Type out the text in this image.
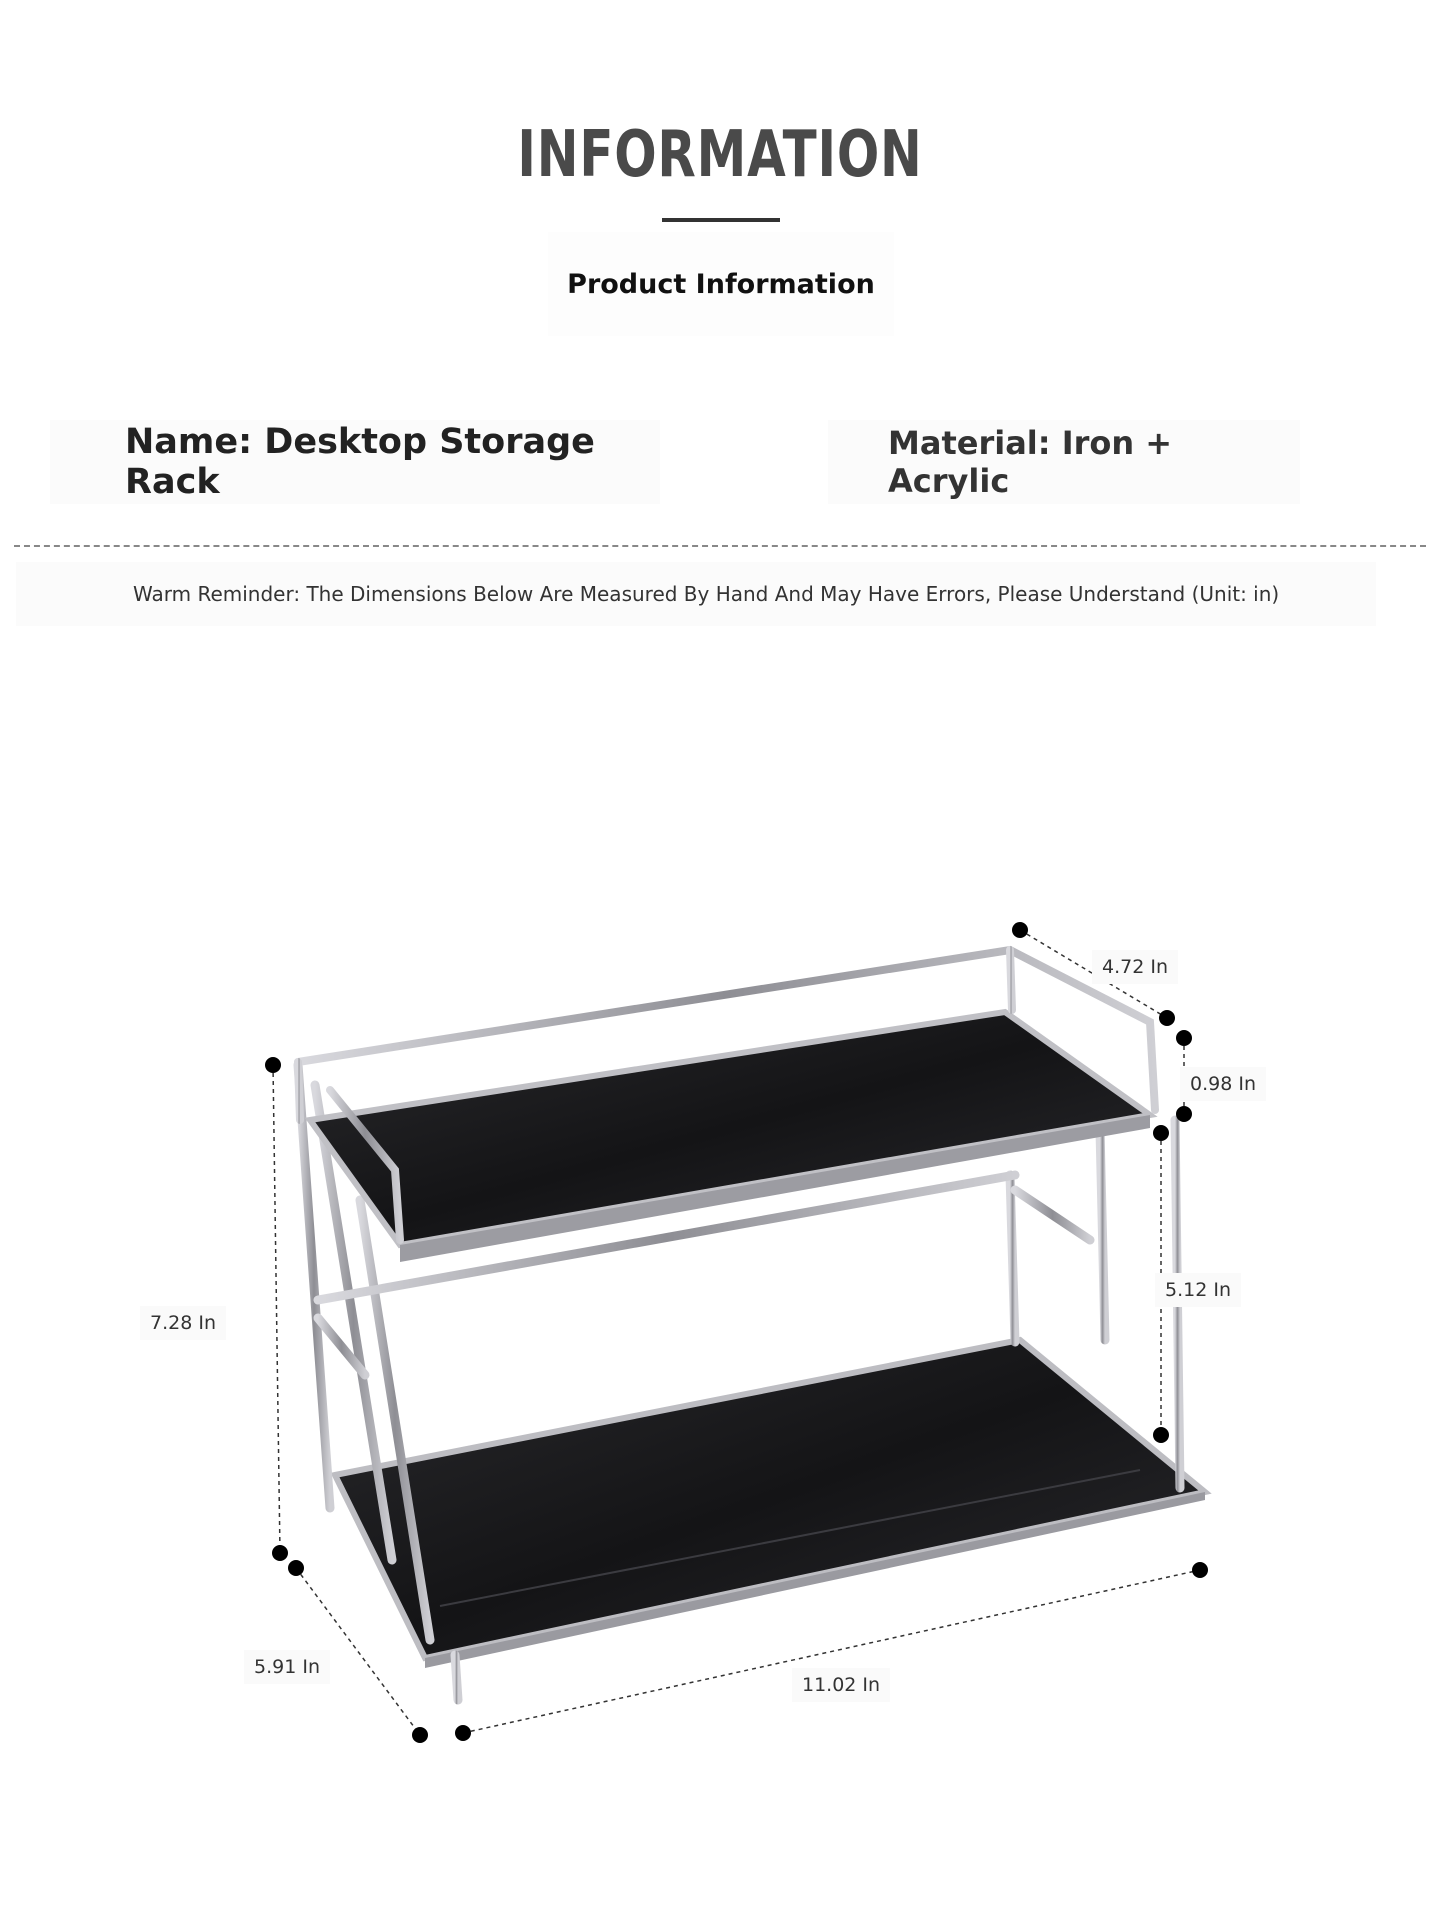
INFORMATION
Product Information
Name: Desktop Storage Rack
Material: Iron + Acrylic
Warm Reminder: The Dimensions Below Are Measured By Hand And May Have Errors, Please Understand (Unit: in)
4.72 In
0.98 In
5.12 In
7.28 In
5.91 In
11.02 In
